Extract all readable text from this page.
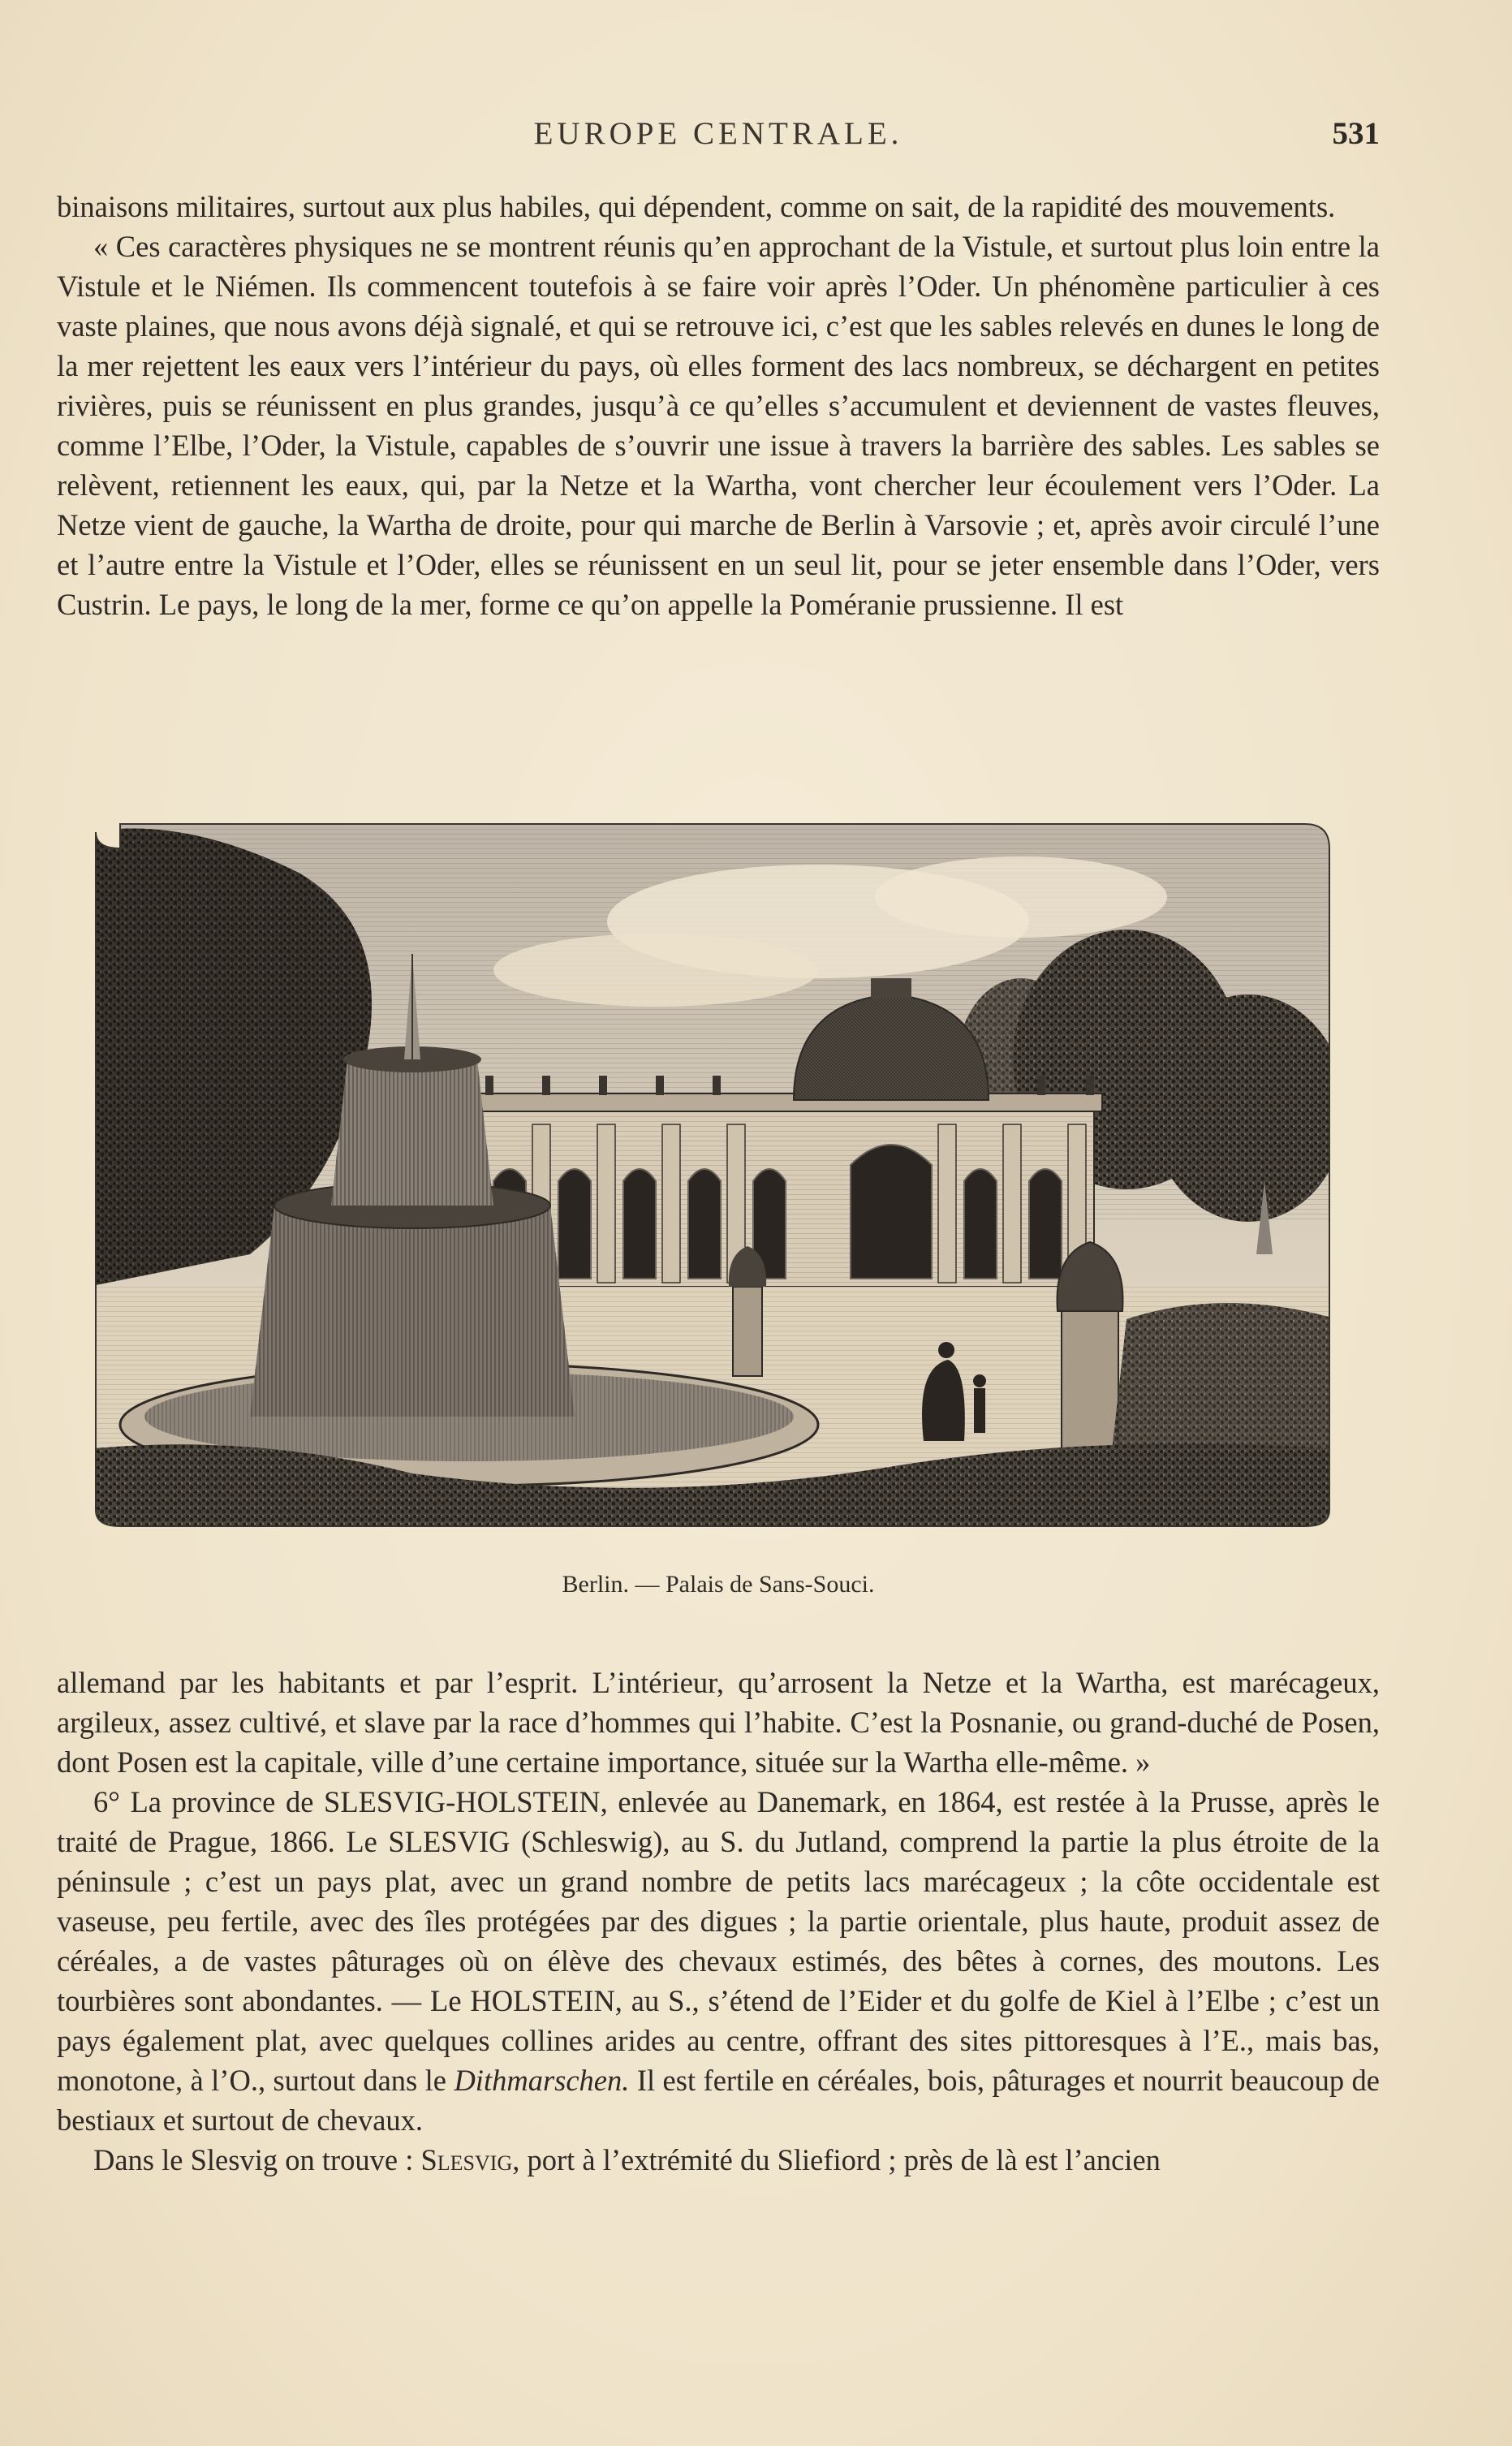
EUROPE CENTRALE.	531

binaisons militaires, surtout aux plus habiles, qui dépendent, comme on sait, de la rapidité des mouvements.

« Ces caractères physiques ne se montrent réunis qu’en approchant de la Vistule, et surtout plus loin entre la Vistule et le Niémen. Ils commencent toutefois à se faire voir après l’Oder. Un phénomène particulier à ces vaste plaines, que nous avons déjà signalé, et qui se retrouve ici, c’est que les sables relevés en dunes le long de la mer rejettent les eaux vers l’intérieur du pays, où elles forment des lacs nombreux, se déchargent en petites rivières, puis se réunissent en plus grandes, jusqu’à ce qu’elles s’accumulent et deviennent de vastes fleuves, comme l’Elbe, l’Oder, la Vistule, capables de s’ouvrir une issue à travers la barrière des sables. Les sables se relèvent, retiennent les eaux, qui, par la Netze et la Wartha, vont chercher leur écoulement vers l’Oder. La Netze vient de gauche, la Wartha de droite, pour qui marche de Berlin à Varsovie ; et, après avoir circulé l’une et l’autre entre la Vistule et l’Oder, elles se réunissent en un seul lit, pour se jeter ensemble dans l’Oder, vers Custrin. Le pays, le long de la mer, forme ce qu’on appelle la Poméranie prussienne. Il est

Berlin. — Palais de Sans-Souci.

allemand par les habitants et par l’esprit. L’intérieur, qu’arrosent la Netze et la Wartha, est marécageux, argileux, assez cultivé, et slave par la race d’hommes qui l’habite. C’est la Posnanie, ou grand-duché de Posen, dont Posen est la capitale, ville d’une certaine importance, située sur la Wartha elle-même. »

6° La province de SLESVIG-HOLSTEIN, enlevée au Danemark, en 1864, est restée à la Prusse, après le traité de Prague, 1866. Le SLESVIG (Schleswig), au S. du Jutland, comprend la partie la plus étroite de la péninsule ; c’est un pays plat, avec un grand nombre de petits lacs marécageux ; la côte occidentale est vaseuse, peu fertile, avec des îles protégées par des digues ; la partie orientale, plus haute, produit assez de céréales, a de vastes pâturages où on élève des chevaux estimés, des bêtes à cornes, des moutons. Les tourbières sont abondantes. — Le HOLSTEIN, au S., s’étend de l’Eider et du golfe de Kiel à l’Elbe ; c’est un pays également plat, avec quelques collines arides au centre, offrant des sites pittoresques à l’E., mais bas, monotone, à l’O., surtout dans le Dithmarschen. Il est fertile en céréales, bois, pâturages et nourrit beaucoup de bestiaux et surtout de chevaux.

Dans le Slesvig on trouve : Slesvig, port à l’extrémité du Sliefiord ; près de là est l’ancien
